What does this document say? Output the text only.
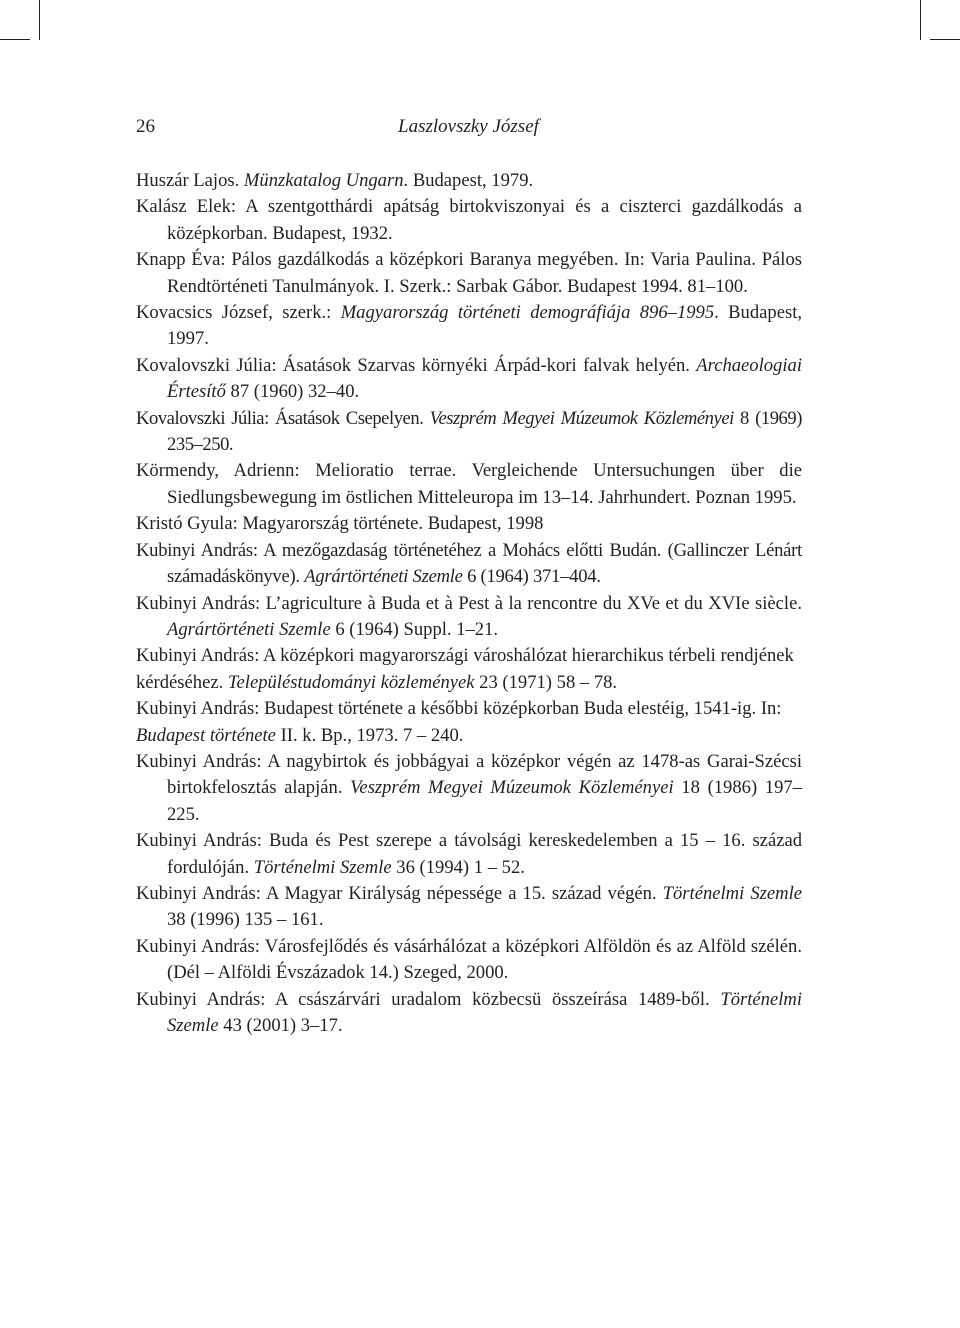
26	Laszlovszky József
Huszár Lajos. Münzkatalog Ungarn. Budapest, 1979.
Kalász Elek: A szentgotthárdi apátság birtokviszonyai és a ciszterci gazdálkodás a középkorban. Budapest, 1932.
Knapp Éva: Pálos gazdálkodás a középkori Baranya megyében. In: Varia Paulina. Pálos Rendtörténeti Tanulmányok. I. Szerk.: Sarbak Gábor. Budapest 1994. 81–100.
Kovacsics József, szerk.: Magyarország történeti demográfiája 896–1995. Budapest, 1997.
Kovalovszki Júlia: Ásatások Szarvas környéki Árpád-kori falvak helyén. Archaeologiai Értesítő 87 (1960) 32–40.
Kovalovszki Júlia: Ásatások Csepelyen. Veszprém Megyei Múzeumok Közleményei 8 (1969) 235–250.
Körmendy, Adrienn: Melioratio terrae. Vergleichende Untersuchungen über die Siedlungsbewegung im östlichen Mitteleuropa im 13–14. Jahrhundert. Poznan 1995.
Kristó Gyula: Magyarország története. Budapest, 1998
Kubinyi András: A mezőgazdaság történetéhez a Mohács előtti Budán. (Gallinczer Lénárt számadáskönyve). Agrártörténeti Szemle 6 (1964) 371–404.
Kubinyi András: L’agriculture à Buda et à Pest à la rencontre du XVe et du XVIe siècle. Agrártörténeti Szemle 6 (1964) Suppl. 1–21.
Kubinyi András: A középkori magyarországi városhálózat hierarchikus térbeli rendjének
kérdéséhez. Településtudományi közlemények 23 (1971) 58 – 78.
Kubinyi András: Budapest története a későbbi középkorban Buda elestéig, 1541-ig. In:
Budapest története II. k. Bp., 1973. 7 – 240.
Kubinyi András: A nagybirtok és jobbágyai a középkor végén az 1478-as Garai-Szécsi birtokfelosztás alapján. Veszprém Megyei Múzeumok Közleményei 18 (1986) 197–225.
Kubinyi András: Buda és Pest szerepe a távolsági kereskedelemben a 15 – 16. század fordulóján. Történelmi Szemle 36 (1994) 1 – 52.
Kubinyi András: A Magyar Királyság népessége a 15. század végén. Történelmi Szemle 38 (1996) 135 – 161.
Kubinyi András: Városfejlődés és vásárhálózat a középkori Alföldön és az Alföld szélén. (Dél – Alföldi Évszázadok 14.) Szeged, 2000.
Kubinyi András: A császárvári uradalom közbecsü összeírása 1489-ből. Történelmi Szemle 43 (2001) 3–17.
